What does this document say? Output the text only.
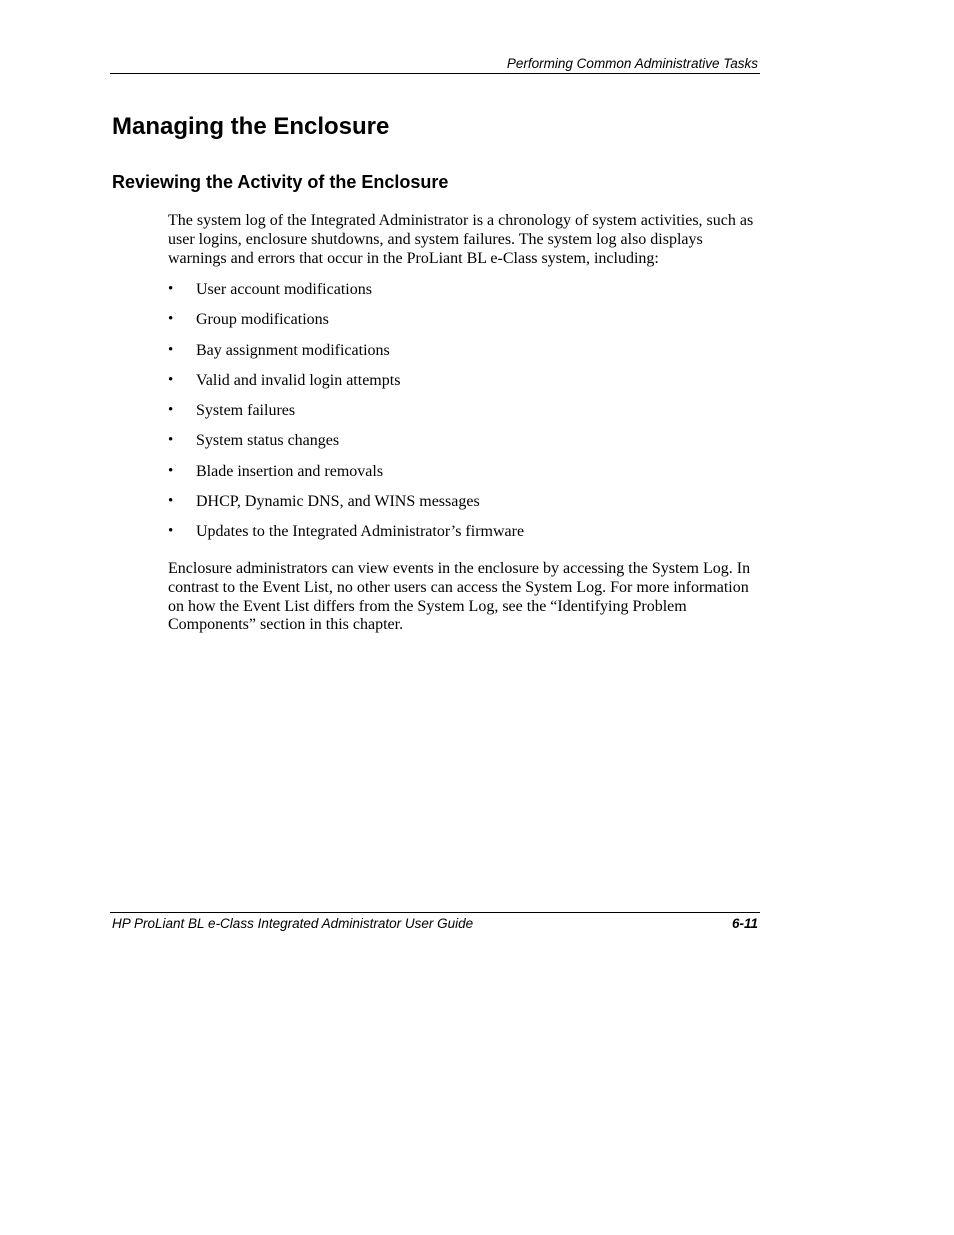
Performing Common Administrative Tasks
Managing the Enclosure
Reviewing the Activity of the Enclosure

The system log of the Integrated Administrator is a chronology of system activities, such as user logins, enclosure shutdowns, and system failures. The system log also displays warnings and errors that occur in the ProLiant BL e-Class system, including:

• User account modifications
• Group modifications
• Bay assignment modifications
• Valid and invalid login attempts
• System failures
• System status changes
• Blade insertion and removals
• DHCP, Dynamic DNS, and WINS messages
• Updates to the Integrated Administrator’s firmware

Enclosure administrators can view events in the enclosure by accessing the System Log. In contrast to the Event List, no other users can access the System Log. For more information on how the Event List differs from the System Log, see the “Identifying Problem Components” section in this chapter.

HP ProLiant BL e-Class Integrated Administrator User Guide	6-11
